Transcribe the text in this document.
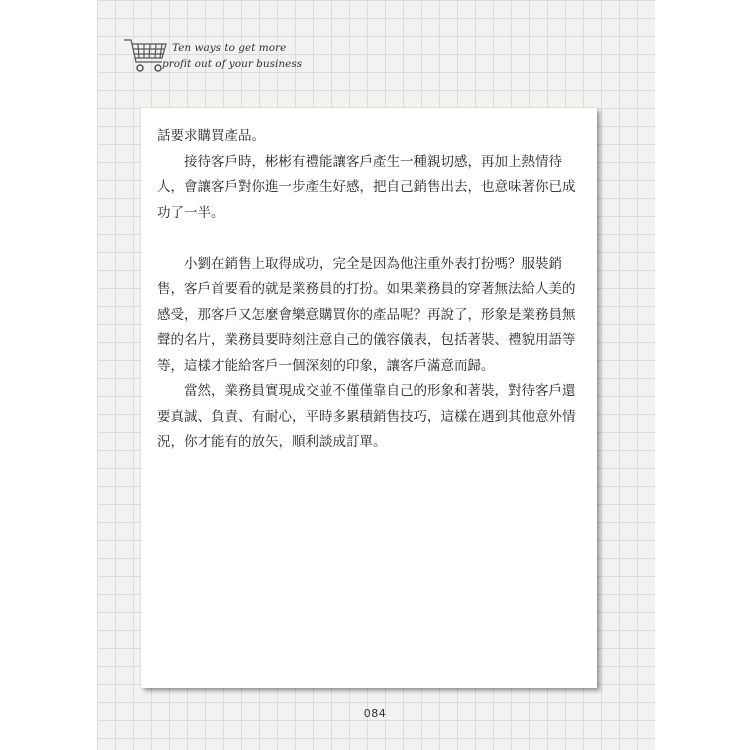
Ten ways to get more
profit out of your business

話要求購買產品。

接待客戶時，彬彬有禮能讓客戶產生一種親切感，再加上熱情待人，會讓客戶對你進一步產生好感，把自己銷售出去，也意味著你已成功了一半。

小劉在銷售上取得成功，完全是因為他注重外表打扮嗎？服裝銷售，客戶首要看的就是業務員的打扮。如果業務員的穿著無法給人美的感受，那客戶又怎麼會樂意購買你的產品呢？再說了，形象是業務員無聲的名片，業務員要時刻注意自己的儀容儀表，包括著裝、禮貌用語等等，這樣才能給客戶一個深刻的印象，讓客戶滿意而歸。

當然，業務員實現成交並不僅僅靠自己的形象和著裝，對待客戶還要真誠、負責、有耐心，平時多累積銷售技巧，這樣在遇到其他意外情況，你才能有的放矢，順利談成訂單。

084
